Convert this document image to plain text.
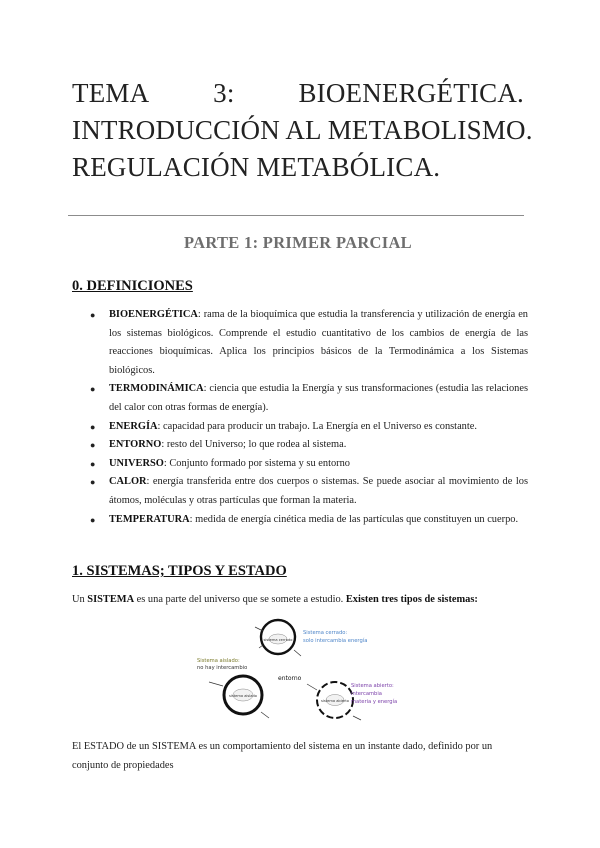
TEMA 3: BIOENERGÉTICA.
INTRODUCCIÓN AL METABOLISMO.
REGULACIÓN METABÓLICA.
PARTE 1: PRIMER PARCIAL
0. DEFINICIONES
● BIOENERGÉTICA: rama de la bioquímica que estudia la transferencia y utilización de energía en los sistemas biológicos. Comprende el estudio cuantitativo de los cambios de energía de las reacciones bioquímicas. Aplica los principios básicos de la Termodinámica a los Sistemas biológicos.
● TERMODINÁMICA: ciencia que estudia la Energía y sus transformaciones (estudia las relaciones del calor con otras formas de energía).
● ENERGÍA: capacidad para producir un trabajo. La Energía en el Universo es constante.
● ENTORNO: resto del Universo; lo que rodea al sistema.
● UNIVERSO: Conjunto formado por sistema y su entorno
● CALOR: energía transferida entre dos cuerpos o sistemas. Se puede asociar al movimiento de los átomos, moléculas y otras partículas que forman la materia.
● TEMPERATURA: medida de energía cinética media de las partículas que constituyen un cuerpo.
1. SISTEMAS; TIPOS Y ESTADO
Un SISTEMA es una parte del universo que se somete a estudio. Existen tres tipos de sistemas:
sistema cerrado
Sistema cerrado:
solo intercambia energía
Sistema aislado:
no hay intercambio
sistema aislado
entorno
sistema abierto
Sistema abierto:
intercambia
materia y energía
El ESTADO de un SISTEMA es un comportamiento del sistema en un instante dado, definido por un conjunto de propiedades
